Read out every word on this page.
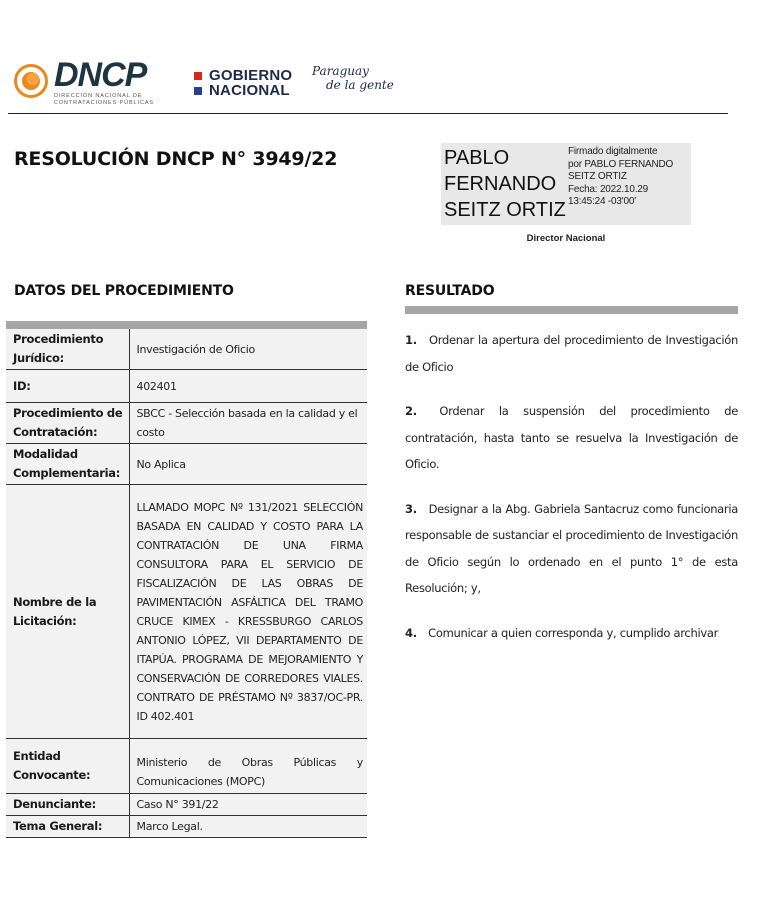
DNCP
DIRECCIÓN NACIONAL DE
CONTRATACIONES PÚBLICAS
GOBIERNO
NACIONAL
Paraguay
de la gente
RESOLUCIÓN DNCP N° 3949/22	PABLO
FERNANDO
SEITZ ORTIZ
Firmado digitalmente
por PABLO FERNANDO
SEITZ ORTIZ
Fecha: 2022.10.29
13:45:24 -03'00'
Director Nacional
DATOS DEL PROCEDIMIENTO
Procedimiento Jurídico:	Investigación de Oficio
ID:	402401
Procedimiento de Contratación:	SBCC - Selección basada en la calidad y el costo
Modalidad Complementaria:	No Aplica
Nombre de la Licitación:	LLAMADO MOPC Nº 131/2021 SELECCIÓN BASADA EN CALIDAD Y COSTO PARA LA CONTRATACIÓN DE UNA FIRMA CONSULTORA PARA EL SERVICIO DE FISCALIZACIÓN DE LAS OBRAS DE PAVIMENTACIÓN ASFÁLTICA DEL TRAMO CRUCE KIMEX - KRESSBURGO CARLOS ANTONIO LÓPEZ, VII DEPARTAMENTO DE ITAPÚA. PROGRAMA DE MEJORAMIENTO Y CONSERVACIÓN DE CORREDORES VIALES. CONTRATO DE PRÉSTAMO Nº 3837/OC-PR. ID 402.401
Entidad Convocante:	Ministerio de Obras Públicas y Comunicaciones (MOPC)
Denunciante:	Caso N° 391/22
Tema General:	Marco Legal.
RESULTADO
1. Ordenar la apertura del procedimiento de Investigación de Oficio
2. Ordenar la suspensión del procedimiento de contratación, hasta tanto se resuelva la Investigación de Oficio.
3. Designar a la Abg. Gabriela Santacruz como funcionaria responsable de sustanciar el procedimiento de Investigación de Oficio según lo ordenado en el punto 1° de esta Resolución; y,
4. Comunicar a quien corresponda y, cumplido archivar
